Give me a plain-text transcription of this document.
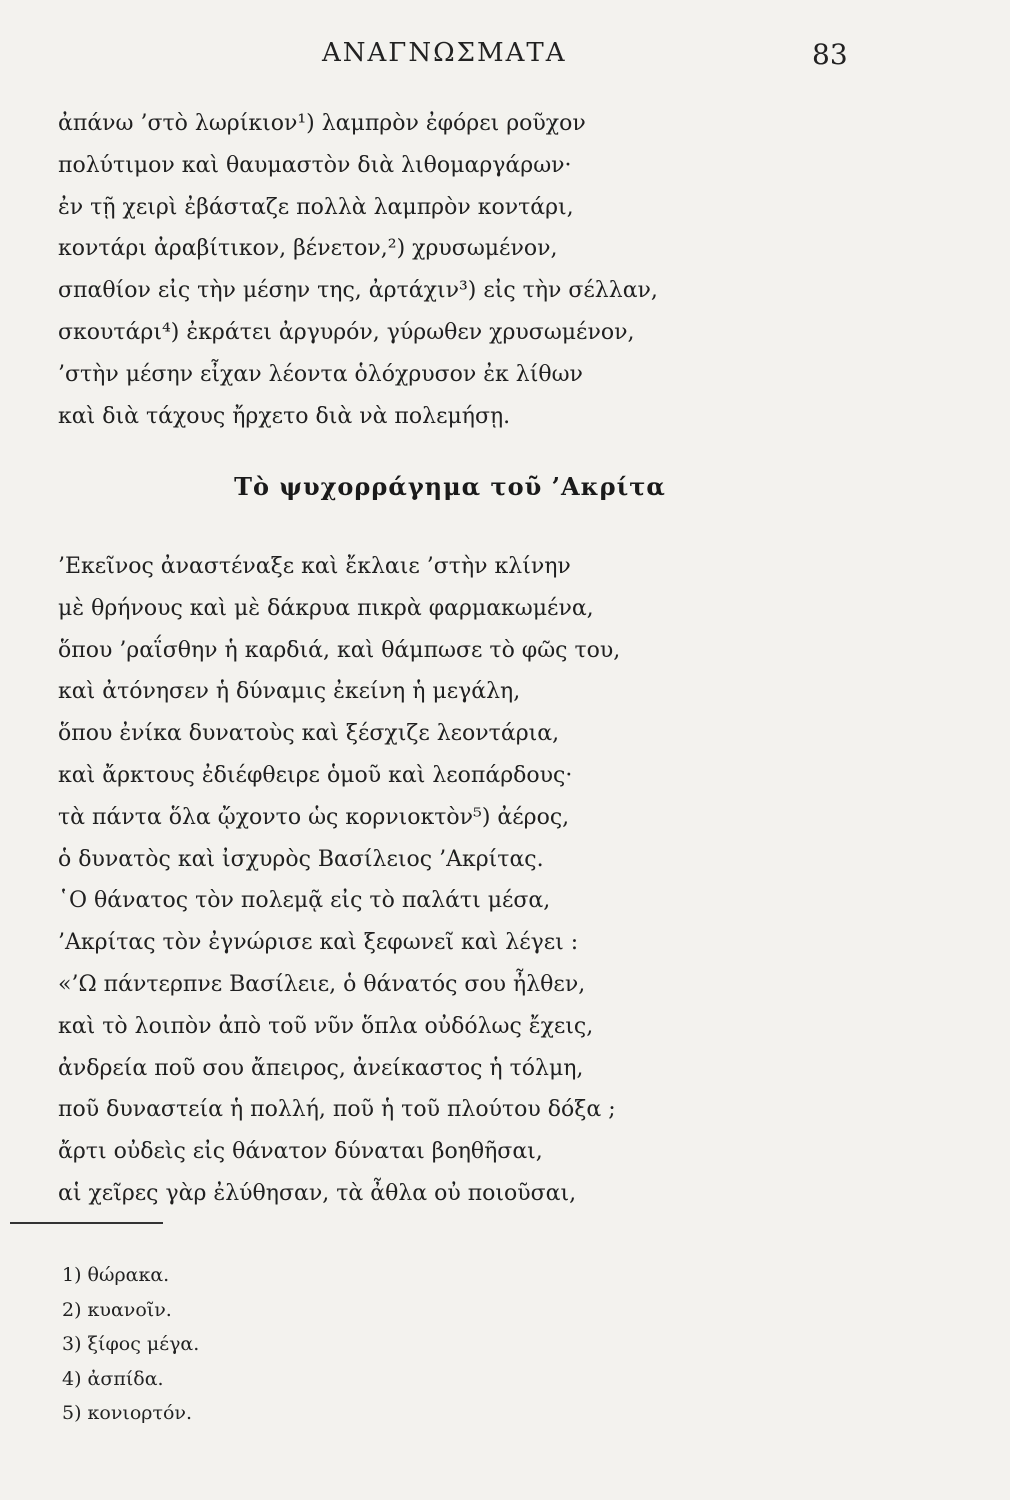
ΑΝΑΓΝΩΣΜΑΤΑ	83
ἀπάνω ’στὸ λωρίκιον¹) λαμπρὸν ἐφόρει ροῦχον
πολύτιμον καὶ θαυμαστὸν διὰ λιθομαργάρων·
ἐν τῇ χειρὶ ἐβάσταζε πολλὰ λαμπρὸν κοντάρι,
κοντάρι ἀραβίτικον, βένετον,²) χρυσωμένον,
σπαθίον εἰς τὴν μέσην της, ἀρτάχιν³) εἰς τὴν σέλλαν,
σκουτάρι⁴) ἐκράτει ἀργυρόν, γύρωθεν χρυσωμένον,
’στὴν μέσην εἶχαν λέοντα ὁλόχρυσον ἐκ λίθων
καὶ διὰ τάχους ἤρχετο διὰ νὰ πολεμήσῃ.
Τὸ ψυχορράγημα τοῦ ’Ακρίτα
’Εκεῖνος ἀναστέναξε καὶ ἔκλαιε ’στὴν κλίνην
μὲ θρήνους καὶ μὲ δάκρυα πικρὰ φαρμακωμένα,
ὅπου ’ραΐσθην ἡ καρδιά, καὶ θάμπωσε τὸ φῶς του,
καὶ ἀτόνησεν ἡ δύναμις ἐκείνη ἡ μεγάλη,
ὅπου ἐνίκα δυνατοὺς καὶ ξέσχιζε λεοντάρια,
καὶ ἄρκτους ἐδιέφθειρε ὁμοῦ καὶ λεοπάρδους·
τὰ πάντα ὅλα ᾤχοντο ὡς κορνιοκτὸν⁵) ἀέρος,
ὁ δυνατὸς καὶ ἰσχυρὸς Βασίλειος ’Ακρίτας.
῾Ο θάνατος τὸν πολεμᾷ εἰς τὸ παλάτι μέσα,
’Ακρίτας τὸν ἐγνώρισε καὶ ξεφωνεῖ καὶ λέγει :
«’Ω πάντερπνε Βασίλειε, ὁ θάνατός σου ἦλθεν,
καὶ τὸ λοιπὸν ἀπὸ τοῦ νῦν ὅπλα οὐδόλως ἔχεις,
ἀνδρεία ποῦ σου ἄπειρος, ἀνείκαστος ἡ τόλμη,
ποῦ δυναστεία ἡ πολλή, ποῦ ἡ τοῦ πλούτου δόξα ;
ἄρτι οὐδεὶς εἰς θάνατον δύναται βοηθῆσαι,
αἱ χεῖρες γὰρ ἐλύθησαν, τὰ ἆθλα οὐ ποιοῦσαι,
1) θώρακα.
2) κυανοῖν.
3) ξίφος μέγα.
4) ἀσπίδα.
5) κονιορτόν.
